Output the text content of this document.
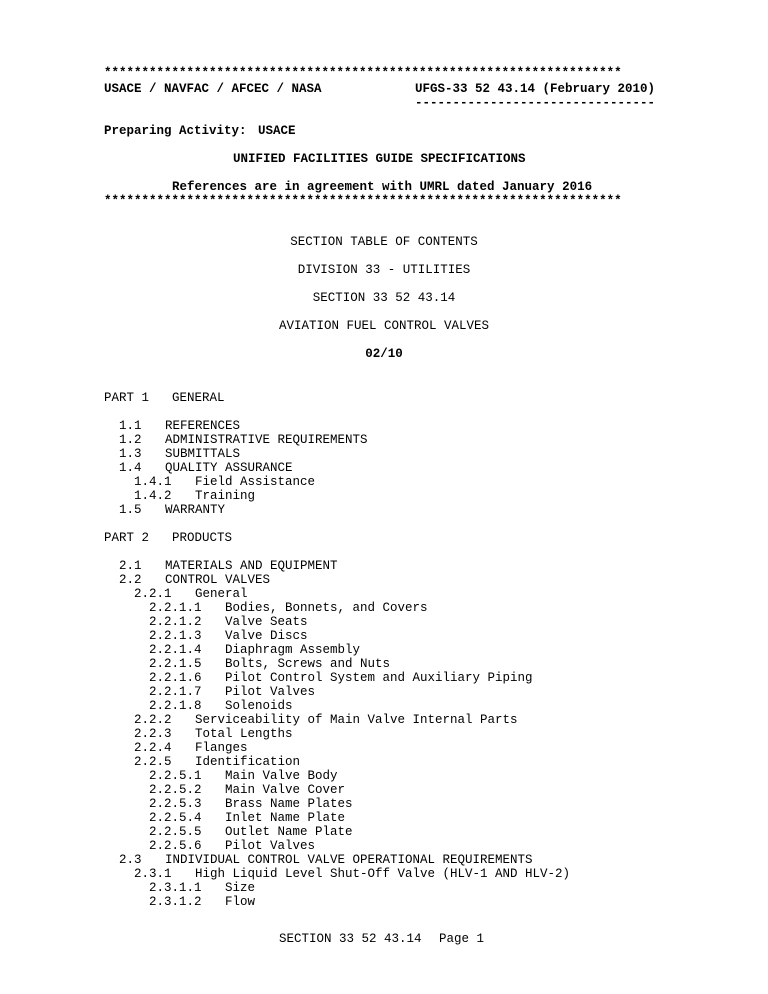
*********************************************************************
USACE / NAVFAC / AFCEC / NASA	UFGS-33 52 43.14 (February 2010)
--------------------------------
Preparing Activity: USACE
UNIFIED FACILITIES GUIDE SPECIFICATIONS
References are in agreement with UMRL dated January 2016
*********************************************************************
SECTION TABLE OF CONTENTS
DIVISION 33 - UTILITIES
SECTION 33 52 43.14
AVIATION FUEL CONTROL VALVES
02/10
PART 1 GENERAL
1.1 REFERENCES
1.2 ADMINISTRATIVE REQUIREMENTS
1.3 SUBMITTALS
1.4 QUALITY ASSURANCE
1.4.1 Field Assistance
1.4.2 Training
1.5 WARRANTY
PART 2 PRODUCTS
2.1 MATERIALS AND EQUIPMENT
2.2 CONTROL VALVES
2.2.1 General
2.2.1.1 Bodies, Bonnets, and Covers
2.2.1.2 Valve Seats
2.2.1.3 Valve Discs
2.2.1.4 Diaphragm Assembly
2.2.1.5 Bolts, Screws and Nuts
2.2.1.6 Pilot Control System and Auxiliary Piping
2.2.1.7 Pilot Valves
2.2.1.8 Solenoids
2.2.2 Serviceability of Main Valve Internal Parts
2.2.3 Total Lengths
2.2.4 Flanges
2.2.5 Identification
2.2.5.1 Main Valve Body
2.2.5.2 Main Valve Cover
2.2.5.3 Brass Name Plates
2.2.5.4 Inlet Name Plate
2.2.5.5 Outlet Name Plate
2.2.5.6 Pilot Valves
2.3 INDIVIDUAL CONTROL VALVE OPERATIONAL REQUIREMENTS
2.3.1 High Liquid Level Shut-Off Valve (HLV-1 AND HLV-2)
2.3.1.1 Size
2.3.1.2 Flow
SECTION 33 52 43.14 Page 1
